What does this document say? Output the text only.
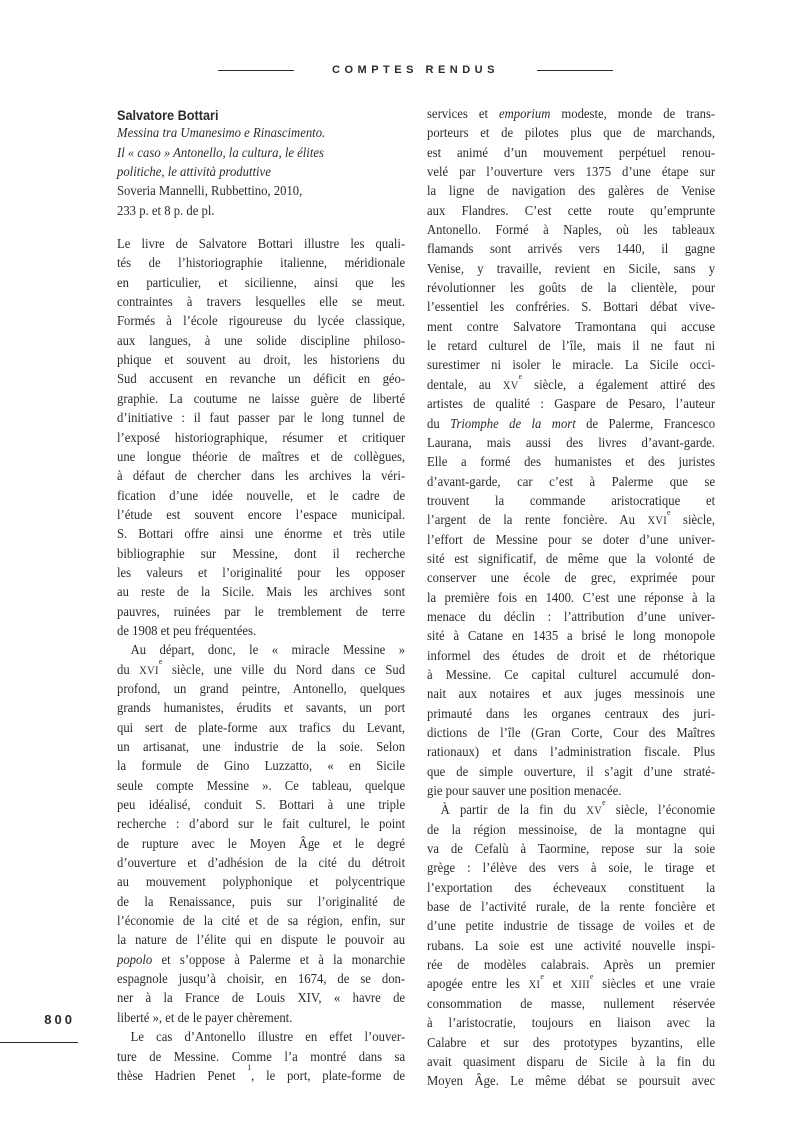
COMPTES RENDUS
800
Salvatore Bottari
Messina tra Umanesimo e Rinascimento.
Il « caso » Antonello, la cultura, le élites
politiche, le attività produttive
Soveria Mannelli, Rubbettino, 2010,
233 p. et 8 p. de pl.
Le livre de Salvatore Bottari illustre les quali-
tés de l’historiographie italienne, méridionale
en particulier, et sicilienne, ainsi que les
contraintes à travers lesquelles elle se meut.
Formés à l’école rigoureuse du lycée classique,
aux langues, à une solide discipline philoso-
phique et souvent au droit, les historiens du
Sud accusent en revanche un déficit en géo-
graphie. La coutume ne laisse guère de liberté
d’initiative : il faut passer par le long tunnel de
l’exposé historiographique, résumer et critiquer
une longue théorie de maîtres et de collègues,
à défaut de chercher dans les archives la véri-
fication d’une idée nouvelle, et le cadre de
l’étude est souvent encore l’espace municipal.
S. Bottari offre ainsi une énorme et très utile
bibliographie sur Messine, dont il recherche
les valeurs et l’originalité pour les opposer
au reste de la Sicile. Mais les archives sont
pauvres, ruinées par le tremblement de terre
de 1908 et peu fréquentées.
Au départ, donc, le « miracle Messine »
du XVIe siècle, une ville du Nord dans ce Sud
profond, un grand peintre, Antonello, quelques
grands humanistes, érudits et savants, un port
qui sert de plate-forme aux trafics du Levant,
un artisanat, une industrie de la soie. Selon
la formule de Gino Luzzatto, « en Sicile
seule compte Messine ». Ce tableau, quelque
peu idéalisé, conduit S. Bottari à une triple
recherche : d’abord sur le fait culturel, le point
de rupture avec le Moyen Âge et le degré
d’ouverture et d’adhésion de la cité du détroit
au mouvement polyphonique et polycentrique
de la Renaissance, puis sur l’originalité de
l’économie de la cité et de sa région, enfin, sur
la nature de l’élite qui en dispute le pouvoir au
popolo et s’oppose à Palerme et à la monarchie
espagnole jusqu’à choisir, en 1674, de se don-
ner à la France de Louis XIV, « havre de
liberté », et de le payer chèrement.
Le cas d’Antonello illustre en effet l’ouver-
ture de Messine. Comme l’a montré dans sa
thèse Hadrien Penet $^1$, le port, plate-forme de
services et emporium modeste, monde de trans-
porteurs et de pilotes plus que de marchands,
est animé d’un mouvement perpétuel renou-
velé par l’ouverture vers 1375 d’une étape sur
la ligne de navigation des galères de Venise
aux Flandres. C’est cette route qu’emprunte
Antonello. Formé à Naples, où les tableaux
flamands sont arrivés vers 1440, il gagne
Venise, y travaille, revient en Sicile, sans y
révolutionner les goûts de la clientèle, pour
l’essentiel les confréries. S. Bottari débat vive-
ment contre Salvatore Tramontana qui accuse
le retard culturel de l’île, mais il ne faut ni
surestimer ni isoler le miracle. La Sicile occi-
dentale, au XVe siècle, a également attiré des
artistes de qualité : Gaspare de Pesaro, l’auteur
du Triomphe de la mort de Palerme, Francesco
Laurana, mais aussi des livres d’avant-garde.
Elle a formé des humanistes et des juristes
d’avant-garde, car c’est à Palerme que se
trouvent la commande aristocratique et
l’argent de la rente foncière. Au XVIe siècle,
l’effort de Messine pour se doter d’une univer-
sité est significatif, de même que la volonté de
conserver une école de grec, exprimée pour
la première fois en 1400. C’est une réponse à la
menace du déclin : l’attribution d’une univer-
sité à Catane en 1435 a brisé le long monopole
informel des études de droit et de rhétorique
à Messine. Ce capital culturel accumulé don-
nait aux notaires et aux juges messinois une
primauté dans les organes centraux des juri-
dictions de l’île (Gran Corte, Cour des Maîtres
rationaux) et dans l’administration fiscale. Plus
que de simple ouverture, il s’agit d’une straté-
gie pour sauver une position menacée.
À partir de la fin du XVe siècle, l’économie
de la région messinoise, de la montagne qui
va de Cefalù à Taormine, repose sur la soie
grège : l’élève des vers à soie, le tirage et
l’exportation des écheveaux constituent la
base de l’activité rurale, de la rente foncière et
d’une petite industrie de tissage de voiles et de
rubans. La soie est une activité nouvelle inspi-
rée de modèles calabrais. Après un premier
apogée entre les XIe et XIIIe siècles et une vraie
consommation de masse, nullement réservée
à l’aristocratie, toujours en liaison avec la
Calabre et sur des prototypes byzantins, elle
avait quasiment disparu de Sicile à la fin du
Moyen Âge. Le même débat se poursuit avec
